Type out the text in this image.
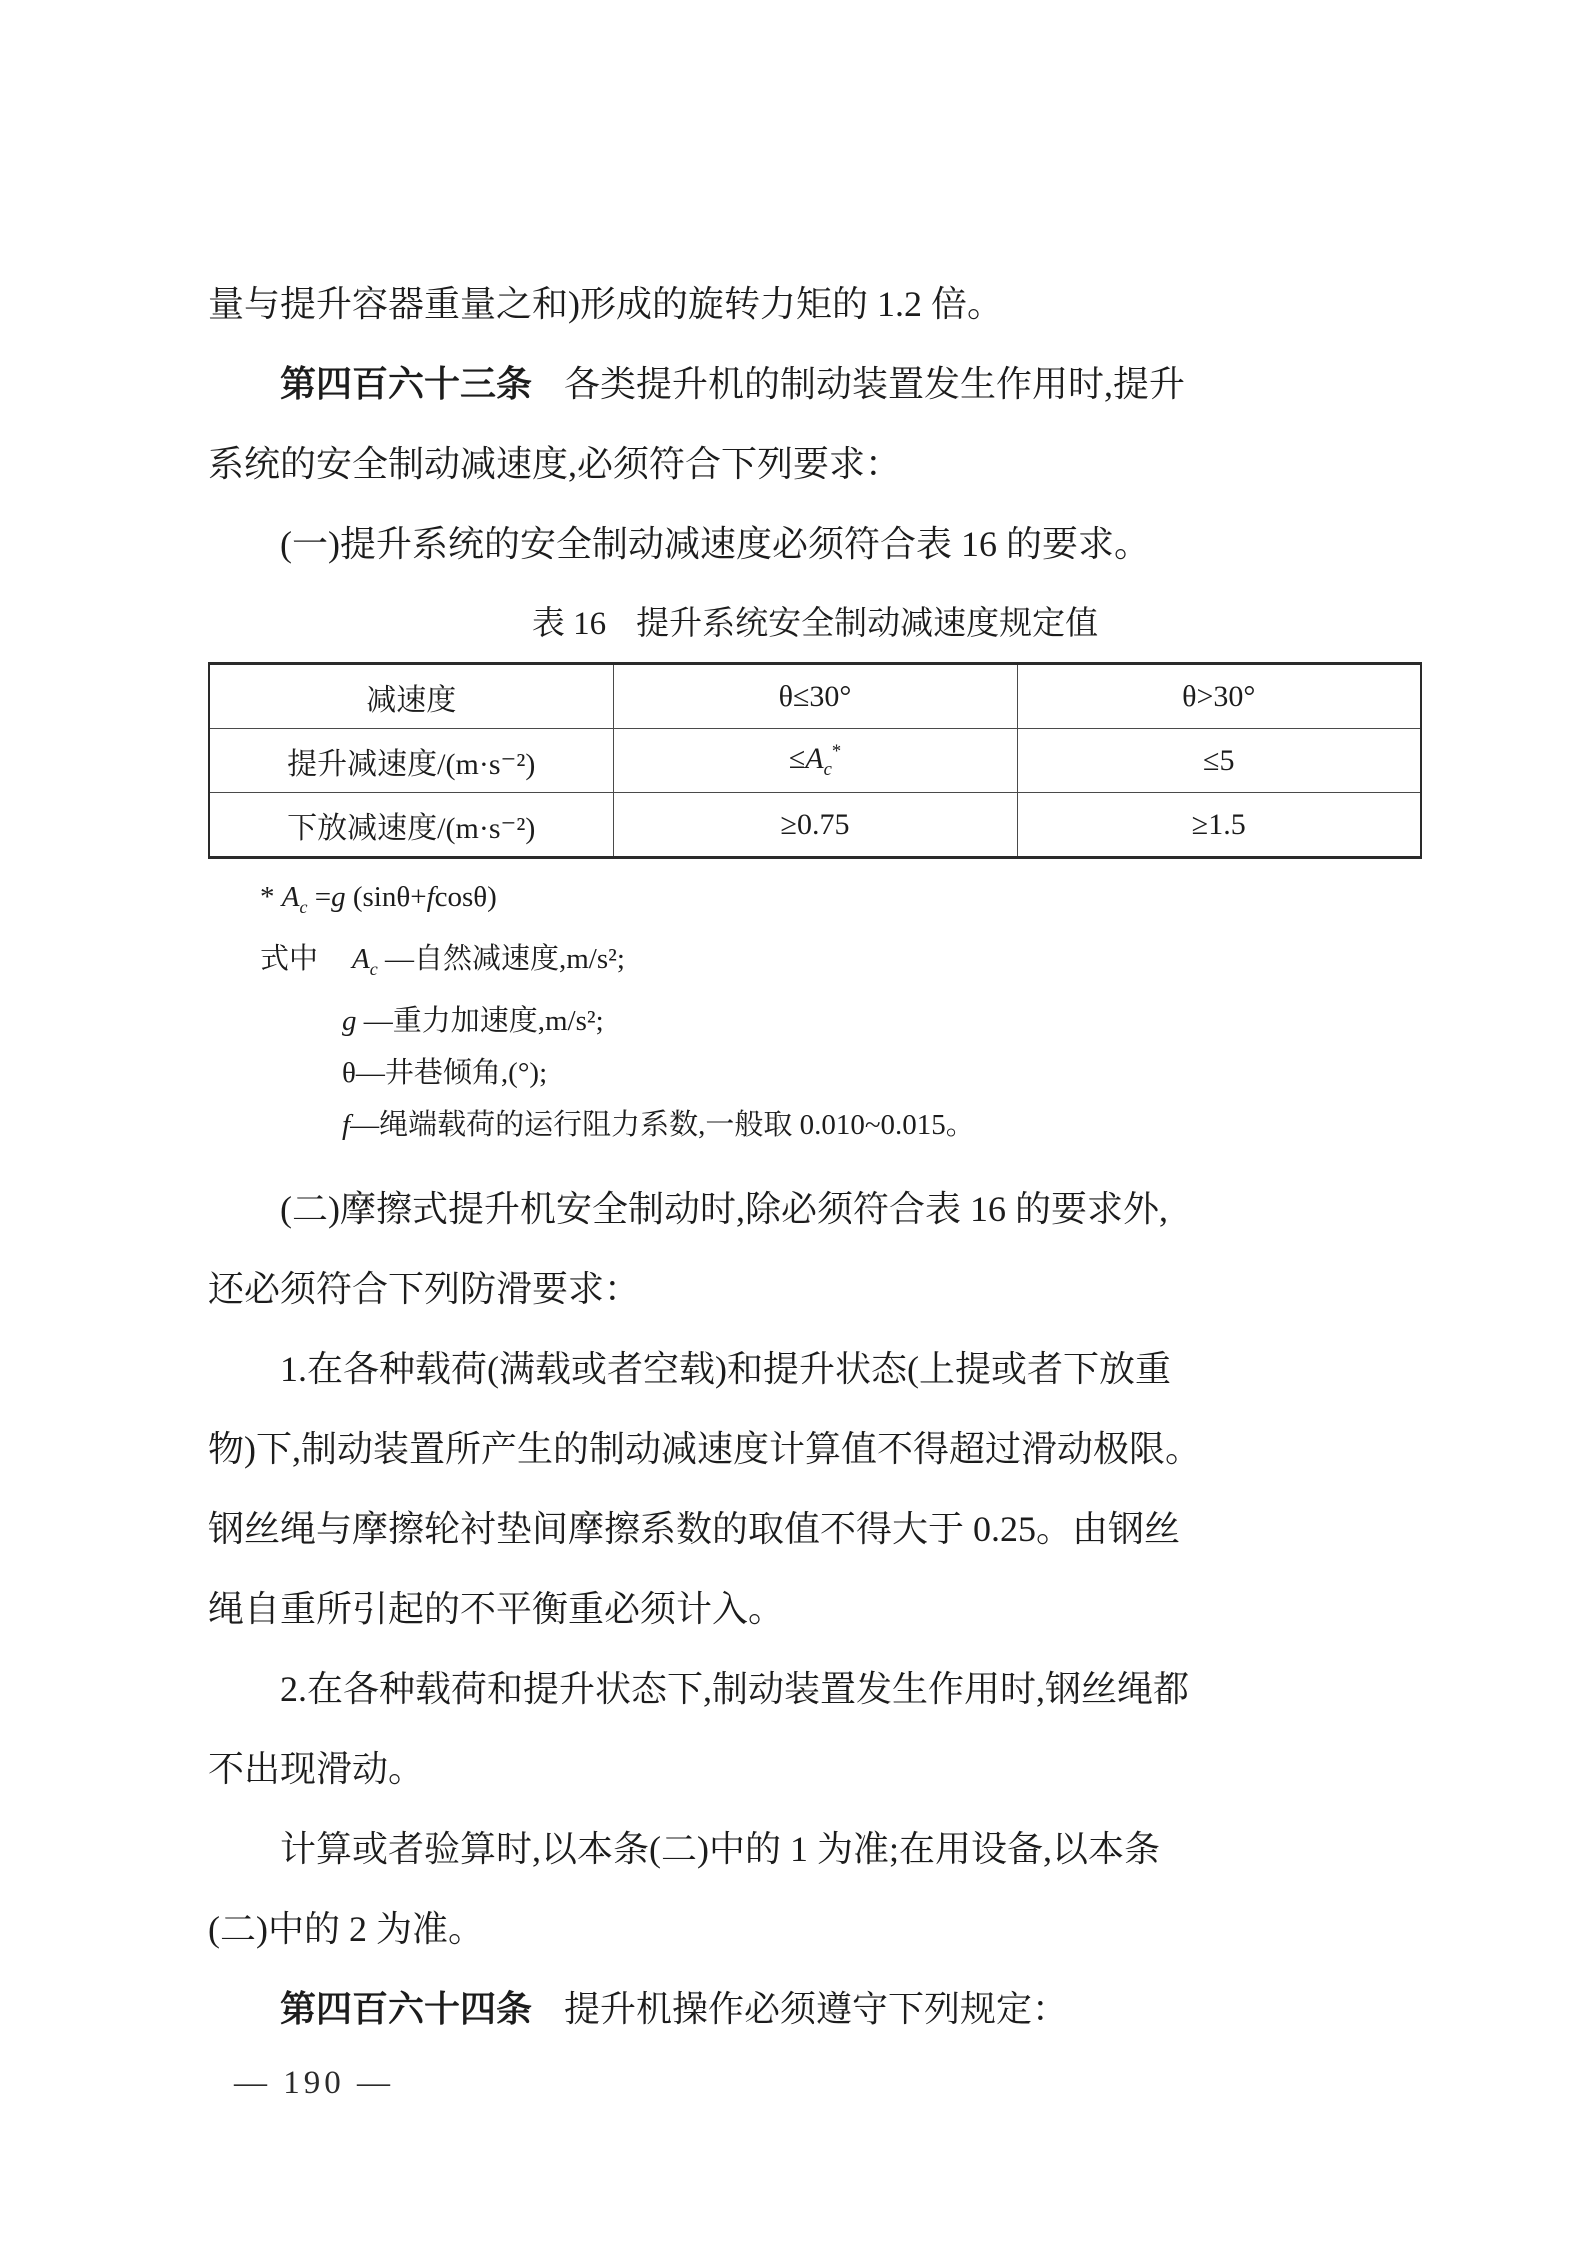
量与提升容器重量之和)形成的旋转力矩的 1.2 倍。
第四百六十三条 各类提升机的制动装置发生作用时,提升
系统的安全制动减速度,必须符合下列要求：
(一)提升系统的安全制动减速度必须符合表 16 的要求。
表 16 提升系统安全制动减速度规定值
减速度	θ≤30°	θ>30°
提升减速度/(m·s⁻²)	$\le A_c^*$	≤5
下放减速度/(m·s⁻²)	≥0.75	≥1.5
* $A_c =g$ (sinθ+fcosθ)
式中 $A_c$ —自然减速度,m/s²;
g —重力加速度,m/s²;
θ—井巷倾角,(°);
f—绳端载荷的运行阻力系数,一般取 0.010~0.015。
(二)摩擦式提升机安全制动时,除必须符合表 16 的要求外,
还必须符合下列防滑要求：
1.在各种载荷(满载或者空载)和提升状态(上提或者下放重
物)下,制动装置所产生的制动减速度计算值不得超过滑动极限。
钢丝绳与摩擦轮衬垫间摩擦系数的取值不得大于 0.25。由钢丝
绳自重所引起的不平衡重必须计入。
2.在各种载荷和提升状态下,制动装置发生作用时,钢丝绳都
不出现滑动。
计算或者验算时,以本条(二)中的 1 为准;在用设备,以本条
(二)中的 2 为准。
第四百六十四条 提升机操作必须遵守下列规定：
— 190 —
